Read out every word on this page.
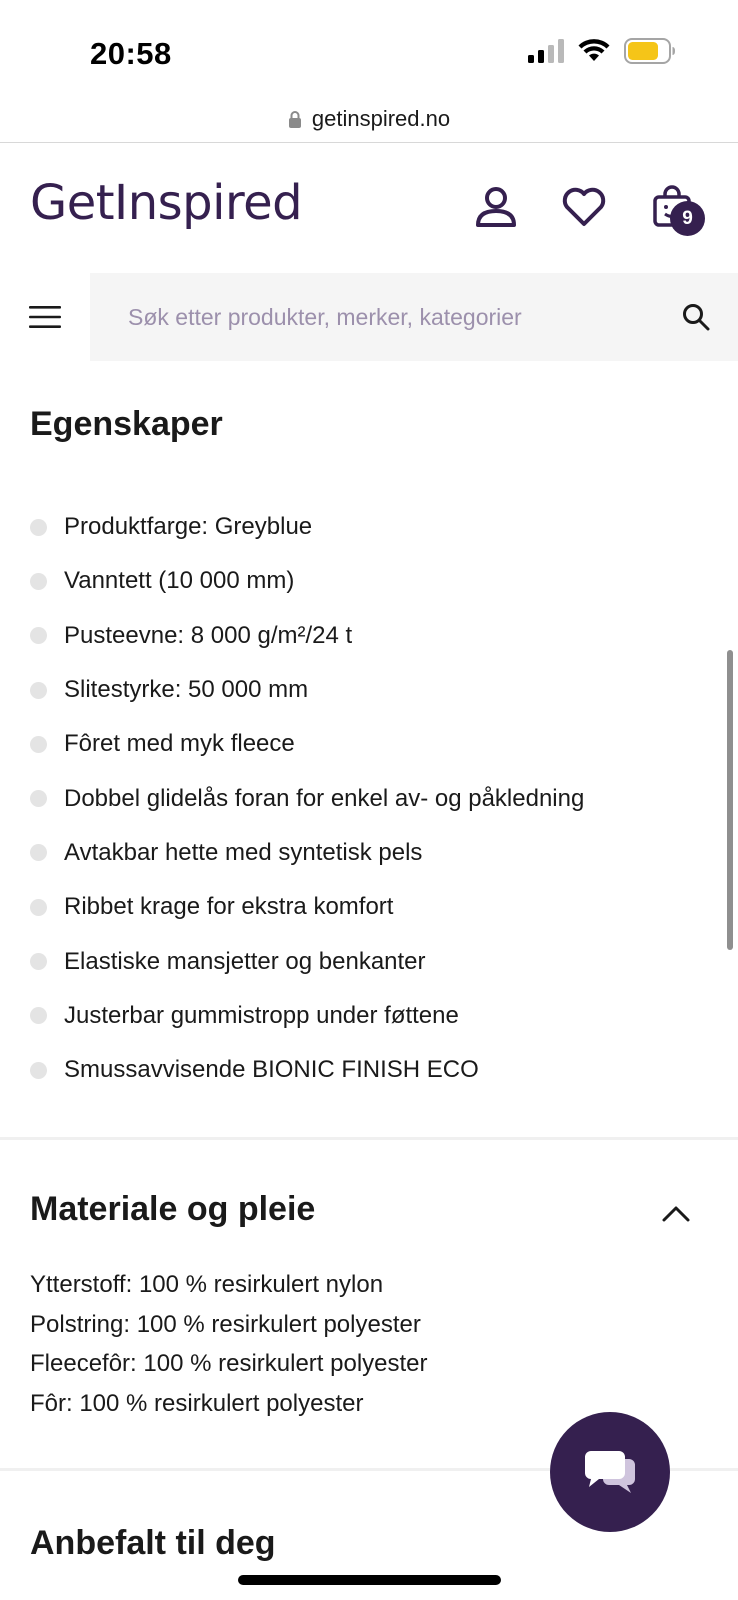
20:58
getinspired.no
GetInspired	9
Søk etter produkter, merker, kategorier
Egenskaper
Produktfarge: Greyblue
Vanntett (10 000 mm)
Pusteevne: 8 000 g/m²/24 t
Slitestyrke: 50 000 mm
Fôret med myk fleece
Dobbel glidelås foran for enkel av- og påkledning
Avtakbar hette med syntetisk pels
Ribbet krage for ekstra komfort
Elastiske mansjetter og benkanter
Justerbar gummistropp under føttene
Smussavvisende BIONIC FINISH ECO
Materiale og pleie
Ytterstoff: 100 % resirkulert nylon
Polstring: 100 % resirkulert polyester
Fleecefôr: 100 % resirkulert polyester
Fôr: 100 % resirkulert polyester
Anbefalt til deg
